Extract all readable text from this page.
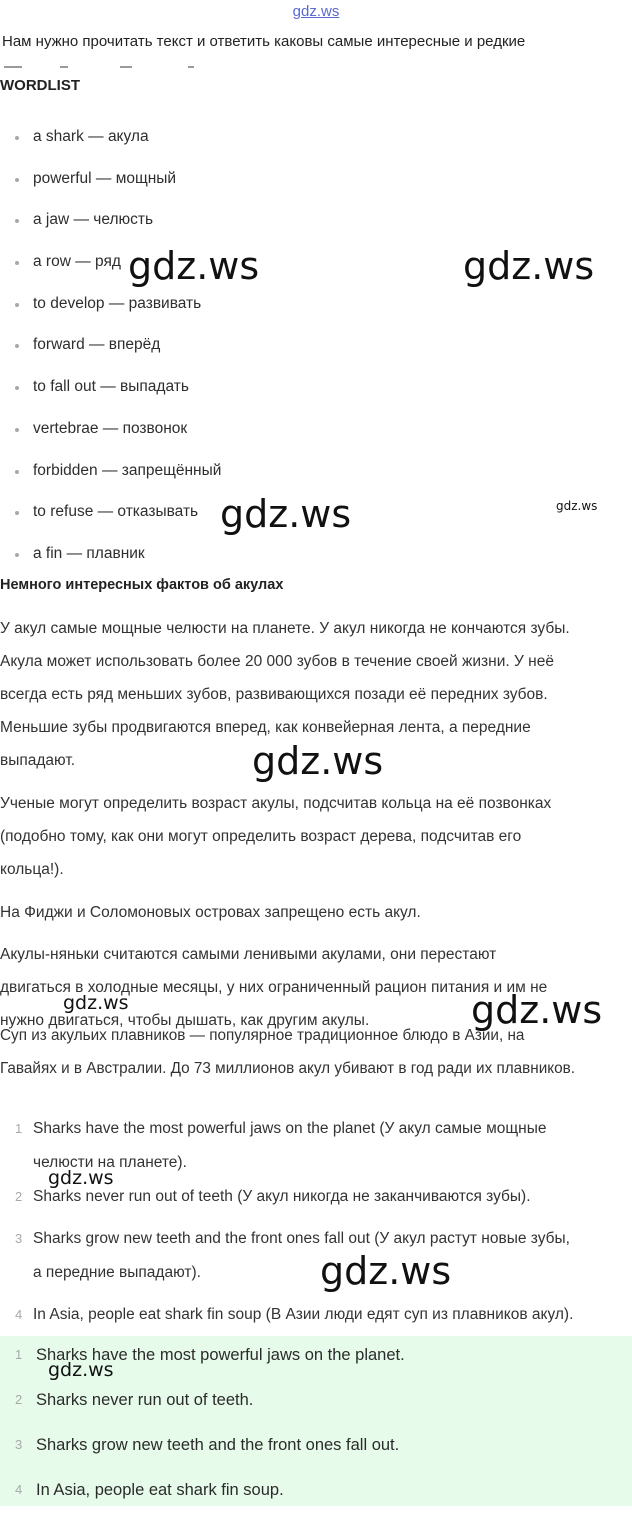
gdz.ws
Нам нужно прочитать текст и ответить каковы самые интересные и редкие
WORDLIST
a shark — акула
powerful — мощный
a jaw — челюсть
a row — ряд
to develop — развивать
forward — вперёд
to fall out — выпадать
vertebrae — позвонок
forbidden — запрещённый
to refuse — отказывать
a fin — плавник
Немного интересных фактов об акулах
У акул самые мощные челюсти на планете. У акул никогда не кончаются зубы.
Акула может использовать более 20 000 зубов в течение своей жизни. У неё
всегда есть ряд меньших зубов, развивающихся позади её передних зубов.
Меньшие зубы продвигаются вперед, как конвейерная лента, а передние
выпадают.
Ученые могут определить возраст акулы, подсчитав кольца на её позвонках
(подобно тому, как они могут определить возраст дерева, подсчитав его
кольца!).
На Фиджи и Соломоновых островах запрещено есть акул.
Акулы-няньки считаются самыми ленивыми акулами, они перестают
двигаться в холодные месяцы, у них ограниченный рацион питания и им не
нужно двигаться, чтобы дышать, как другим акулы.
Суп из акульих плавников — популярное традиционное блюдо в Азии, на
Гавайях и в Австралии. До 73 миллионов акул убивают в год ради их плавников.
1 Sharks have the most powerful jaws on the planet (У акул самые мощные
челюсти на планете).
2 Sharks never run out of teeth (У акул никогда не заканчиваются зубы).
3 Sharks grow new teeth and the front ones fall out (У акул растут новые зубы,
а передние выпадают).
4 In Asia, people eat shark fin soup (В Азии люди едят суп из плавников акул).
1 Sharks have the most powerful jaws on the planet.
2 Sharks never run out of teeth.
3 Sharks grow new teeth and the front ones fall out.
4 In Asia, people eat shark fin soup.
gdz.ws	gdz.ws
gdz.ws	gdz.ws
gdz.ws
gdz.ws	gdz.ws
gdz.ws
gdz.ws
gdz.ws
